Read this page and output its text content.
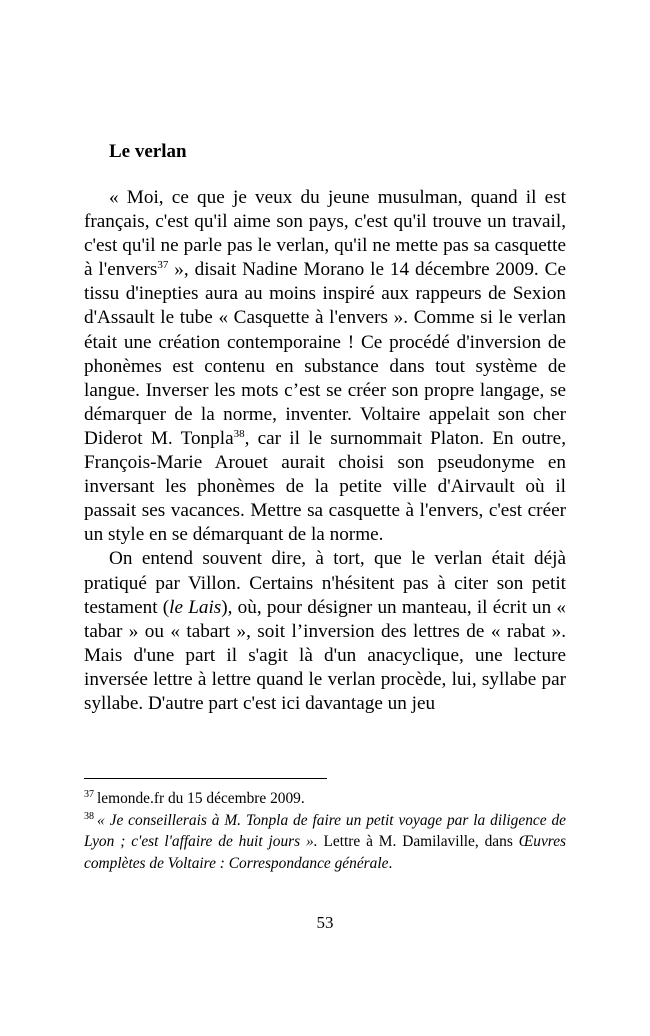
Le verlan

« Moi, ce que je veux du jeune musulman, quand il est français, c'est qu'il aime son pays, c'est qu'il trouve un travail, c'est qu'il ne parle pas le verlan, qu'il ne mette pas sa casquette à l'envers$^{37}$ », disait Nadine Morano le 14 décembre 2009. Ce tissu d'inepties aura au moins inspiré aux rappeurs de Sexion d'Assault le tube « Casquette à l'envers ». Comme si le verlan était une création contemporaine ! Ce procédé d'inversion de phonèmes est contenu en substance dans tout système de langue. Inverser les mots c’est se créer son propre langage, se démarquer de la norme, inventer. Voltaire appelait son cher Diderot M. Tonpla$^{38}$, car il le surnommait Platon. En outre, François-Marie Arouet aurait choisi son pseudonyme en inversant les phonèmes de la petite ville d'Airvault où il passait ses vacances. Mettre sa casquette à l'envers, c'est créer un style en se démarquant de la norme.

On entend souvent dire, à tort, que le verlan était déjà pratiqué par Villon. Certains n'hésitent pas à citer son petit testament (le Lais), où, pour désigner un manteau, il écrit un « tabar » ou « tabart », soit l’inversion des lettres de « rabat ». Mais d'une part il s'agit là d'un anacyclique, une lecture inversée lettre à lettre quand le verlan procède, lui, syllabe par syllabe. D'autre part c'est ici davantage un jeu

$^{37}$ lemonde.fr du 15 décembre 2009.

$^{38}$ « Je conseillerais à M. Tonpla de faire un petit voyage par la diligence de Lyon ; c'est l'affaire de huit jours ». Lettre à M. Damilaville, dans Œuvres complètes de Voltaire : Correspondance générale.

53
